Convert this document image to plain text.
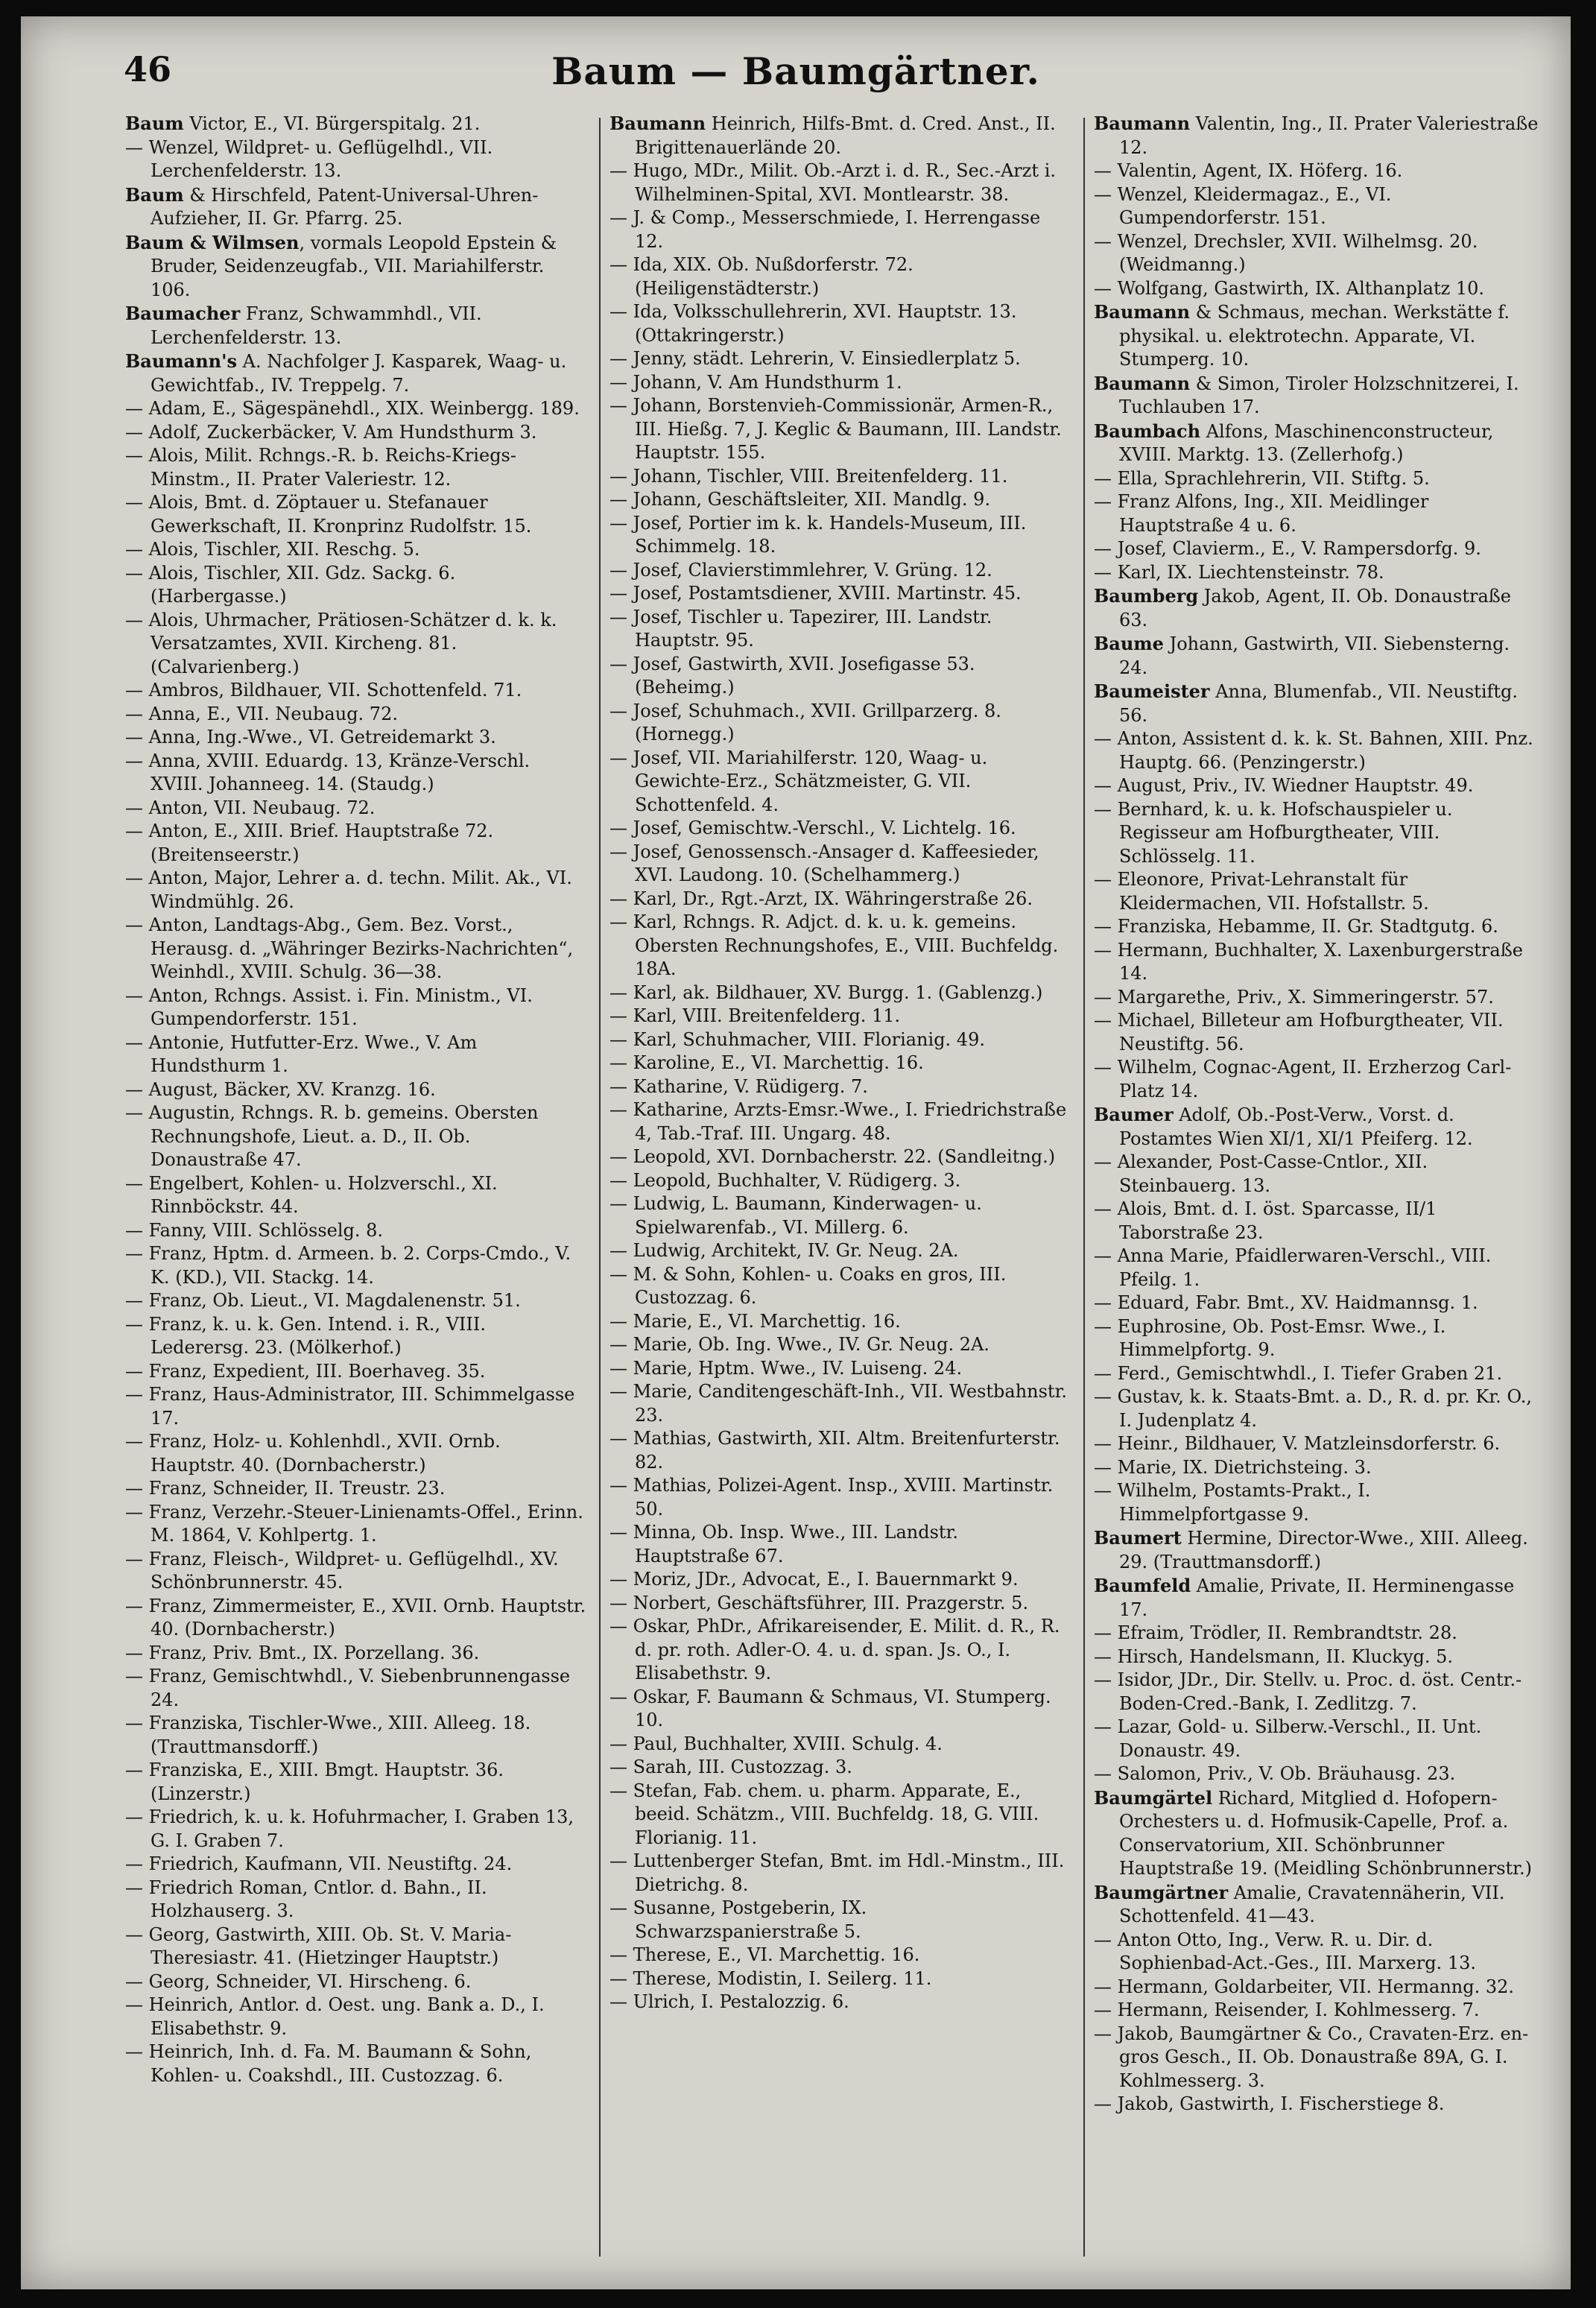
46	Baum — Baumgärtner.

Baum Victor, E., VI. Bürgerspitalg. 21.

— Wenzel, Wildpret- u. Geflügelhdl., VII. Lerchenfelderstr. 13.

Baum & Hirschfeld, Patent-Universal-Uhren-Aufzieher, II. Gr. Pfarrg. 25.

Baum & Wilmsen, vormals Leopold Epstein & Bruder, Seidenzeugfab., VII. Mariahilferstr. 106.

Baumacher Franz, Schwammhdl., VII. Lerchenfelderstr. 13.

Baumann's A. Nachfolger J. Kasparek, Waag- u. Gewichtfab., IV. Treppelg. 7.

— Adam, E., Sägespänehdl., XIX. Weinbergg. 189.

— Adolf, Zuckerbäcker, V. Am Hundsthurm 3.

— Alois, Milit. Rchngs.-R. b. Reichs-Kriegs-Minstm., II. Prater Valeriestr. 12.

— Alois, Bmt. d. Zöptauer u. Stefanauer Gewerkschaft, II. Kronprinz Rudolfstr. 15.

— Alois, Tischler, XII. Reschg. 5.

— Alois, Tischler, XII. Gdz. Sackg. 6. (Harbergasse.)

— Alois, Uhrmacher, Prätiosen-Schätzer d. k. k. Versatzamtes, XVII. Kircheng. 81. (Calvarienberg.)

— Ambros, Bildhauer, VII. Schottenfeld. 71.

— Anna, E., VII. Neubaug. 72.

— Anna, Ing.-Wwe., VI. Getreidemarkt 3.

— Anna, XVIII. Eduardg. 13, Kränze-Verschl. XVIII. Johanneeg. 14. (Staudg.)

— Anton, VII. Neubaug. 72.

— Anton, E., XIII. Brief. Hauptstraße 72. (Breitenseerstr.)

— Anton, Major, Lehrer a. d. techn. Milit. Ak., VI. Windmühlg. 26.

— Anton, Landtags-Abg., Gem. Bez. Vorst., Herausg. d. „Währinger Bezirks-Nachrichten“, Weinhdl., XVIII. Schulg. 36—38.

— Anton, Rchngs. Assist. i. Fin. Ministm., VI. Gumpendorferstr. 151.

— Antonie, Hutfutter-Erz. Wwe., V. Am Hundsthurm 1.

— August, Bäcker, XV. Kranzg. 16.

— Augustin, Rchngs. R. b. gemeins. Obersten Rechnungshofe, Lieut. a. D., II. Ob. Donaustraße 47.

— Engelbert, Kohlen- u. Holzverschl., XI. Rinnböckstr. 44.

— Fanny, VIII. Schlösselg. 8.

— Franz, Hptm. d. Armeen. b. 2. Corps-Cmdo., V. K. (KD.), VII. Stackg. 14.

— Franz, Ob. Lieut., VI. Magdalenenstr. 51.

— Franz, k. u. k. Gen. Intend. i. R., VIII. Lederersg. 23. (Mölkerhof.)

— Franz, Expedient, III. Boerhaveg. 35.

— Franz, Haus-Administrator, III. Schimmelgasse 17.

— Franz, Holz- u. Kohlenhdl., XVII. Ornb. Hauptstr. 40. (Dornbacherstr.)

— Franz, Schneider, II. Treustr. 23.

— Franz, Verzehr.-Steuer-Linienamts-Offel., Erinn. M. 1864, V. Kohlpertg. 1.

— Franz, Fleisch-, Wildpret- u. Geflügelhdl., XV. Schönbrunnerstr. 45.

— Franz, Zimmermeister, E., XVII. Ornb. Hauptstr. 40. (Dornbacherstr.)

— Franz, Priv. Bmt., IX. Porzellang. 36.

— Franz, Gemischtwhdl., V. Siebenbrunnengasse 24.

— Franziska, Tischler-Wwe., XIII. Alleeg. 18. (Trauttmansdorff.)

— Franziska, E., XIII. Bmgt. Hauptstr. 36. (Linzerstr.)

— Friedrich, k. u. k. Hofuhrmacher, I. Graben 13, G. I. Graben 7.

— Friedrich, Kaufmann, VII. Neustiftg. 24.

— Friedrich Roman, Cntlor. d. Bahn., II. Holzhauserg. 3.

— Georg, Gastwirth, XIII. Ob. St. V. Maria-Theresiastr. 41. (Hietzinger Hauptstr.)

— Georg, Schneider, VI. Hirscheng. 6.

— Heinrich, Antlor. d. Oest. ung. Bank a. D., I. Elisabethstr. 9.

— Heinrich, Inh. d. Fa. M. Baumann & Sohn, Kohlen- u. Coakshdl., III. Custozzag. 6.

Baumann Heinrich, Hilfs-Bmt. d. Cred. Anst., II. Brigittenauerlände 20.

— Hugo, MDr., Milit. Ob.-Arzt i. d. R., Sec.-Arzt i. Wilhelminen-Spital, XVI. Montlearstr. 38.

— J. & Comp., Messerschmiede, I. Herrengasse 12.

— Ida, XIX. Ob. Nußdorferstr. 72. (Heiligenstädterstr.)

— Ida, Volksschullehrerin, XVI. Hauptstr. 13. (Ottakringerstr.)

— Jenny, städt. Lehrerin, V. Einsiedlerplatz 5.

— Johann, V. Am Hundsthurm 1.

— Johann, Borstenvieh-Commissionär, Armen-R., III. Hießg. 7, J. Keglic & Baumann, III. Landstr. Hauptstr. 155.

— Johann, Tischler, VIII. Breitenfelderg. 11.

— Johann, Geschäftsleiter, XII. Mandlg. 9.

— Josef, Portier im k. k. Handels-Museum, III. Schimmelg. 18.

— Josef, Clavierstimmlehrer, V. Grüng. 12.

— Josef, Postamtsdiener, XVIII. Martinstr. 45.

— Josef, Tischler u. Tapezirer, III. Landstr. Hauptstr. 95.

— Josef, Gastwirth, XVII. Josefigasse 53. (Beheimg.)

— Josef, Schuhmach., XVII. Grillparzerg. 8. (Hornegg.)

— Josef, VII. Mariahilferstr. 120, Waag- u. Gewichte-Erz., Schätzmeister, G. VII. Schottenfeld. 4.

— Josef, Gemischtw.-Verschl., V. Lichtelg. 16.

— Josef, Genossensch.-Ansager d. Kaffeesieder, XVI. Laudong. 10. (Schelhammerg.)

— Karl, Dr., Rgt.-Arzt, IX. Währingerstraße 26.

— Karl, Rchngs. R. Adjct. d. k. u. k. gemeins. Obersten Rechnungshofes, E., VIII. Buchfeldg. 18A.

— Karl, ak. Bildhauer, XV. Burgg. 1. (Gablenzg.)

— Karl, VIII. Breitenfelderg. 11.

— Karl, Schuhmacher, VIII. Florianig. 49.

— Karoline, E., VI. Marchettig. 16.

— Katharine, V. Rüdigerg. 7.

— Katharine, Arzts-Emsr.-Wwe., I. Friedrichstraße 4, Tab.-Traf. III. Ungarg. 48.

— Leopold, XVI. Dornbacherstr. 22. (Sandleitng.)

— Leopold, Buchhalter, V. Rüdigerg. 3.

— Ludwig, L. Baumann, Kinderwagen- u. Spielwarenfab., VI. Millerg. 6.

— Ludwig, Architekt, IV. Gr. Neug. 2A.

— M. & Sohn, Kohlen- u. Coaks en gros, III. Custozzag. 6.

— Marie, E., VI. Marchettig. 16.

— Marie, Ob. Ing. Wwe., IV. Gr. Neug. 2A.

— Marie, Hptm. Wwe., IV. Luiseng. 24.

— Marie, Canditengeschäft-Inh., VII. Westbahnstr. 23.

— Mathias, Gastwirth, XII. Altm. Breitenfurterstr. 82.

— Mathias, Polizei-Agent. Insp., XVIII. Martinstr. 50.

— Minna, Ob. Insp. Wwe., III. Landstr. Hauptstraße 67.

— Moriz, JDr., Advocat, E., I. Bauernmarkt 9.

— Norbert, Geschäftsführer, III. Prazgerstr. 5.

— Oskar, PhDr., Afrikareisender, E. Milit. d. R., R. d. pr. roth. Adler-O. 4. u. d. span. Js. O., I. Elisabethstr. 9.

— Oskar, F. Baumann & Schmaus, VI. Stumperg. 10.

— Paul, Buchhalter, XVIII. Schulg. 4.

— Sarah, III. Custozzag. 3.

— Stefan, Fab. chem. u. pharm. Apparate, E., beeid. Schätzm., VIII. Buchfeldg. 18, G. VIII. Florianig. 11.

— Luttenberger Stefan, Bmt. im Hdl.-Minstm., III. Dietrichg. 8.

— Susanne, Postgeberin, IX. Schwarzspanierstraße 5.

— Therese, E., VI. Marchettig. 16.

— Therese, Modistin, I. Seilerg. 11.

— Ulrich, I. Pestalozzig. 6.

Baumann Valentin, Ing., II. Prater Valeriestraße 12.

— Valentin, Agent, IX. Höferg. 16.

— Wenzel, Kleidermagaz., E., VI. Gumpendorferstr. 151.

— Wenzel, Drechsler, XVII. Wilhelmsg. 20. (Weidmanng.)

— Wolfgang, Gastwirth, IX. Althanplatz 10.

Baumann & Schmaus, mechan. Werkstätte f. physikal. u. elektrotechn. Apparate, VI. Stumperg. 10.

Baumann & Simon, Tiroler Holzschnitzerei, I. Tuchlauben 17.

Baumbach Alfons, Maschinenconstructeur, XVIII. Marktg. 13. (Zellerhofg.)

— Ella, Sprachlehrerin, VII. Stiftg. 5.

— Franz Alfons, Ing., XII. Meidlinger Hauptstraße 4 u. 6.

— Josef, Clavierm., E., V. Rampersdorfg. 9.

— Karl, IX. Liechtensteinstr. 78.

Baumberg Jakob, Agent, II. Ob. Donaustraße 63.

Baume Johann, Gastwirth, VII. Siebensterng. 24.

Baumeister Anna, Blumenfab., VII. Neustiftg. 56.

— Anton, Assistent d. k. k. St. Bahnen, XIII. Pnz. Hauptg. 66. (Penzingerstr.)

— August, Priv., IV. Wiedner Hauptstr. 49.

— Bernhard, k. u. k. Hofschauspieler u. Regisseur am Hofburgtheater, VIII. Schlösselg. 11.

— Eleonore, Privat-Lehranstalt für Kleidermachen, VII. Hofstallstr. 5.

— Franziska, Hebamme, II. Gr. Stadtgutg. 6.

— Hermann, Buchhalter, X. Laxenburgerstraße 14.

— Margarethe, Priv., X. Simmeringerstr. 57.

— Michael, Billeteur am Hofburgtheater, VII. Neustiftg. 56.

— Wilhelm, Cognac-Agent, II. Erzherzog Carl-Platz 14.

Baumer Adolf, Ob.-Post-Verw., Vorst. d. Postamtes Wien XI/1, XI/1 Pfeiferg. 12.

— Alexander, Post-Casse-Cntlor., XII. Steinbauerg. 13.

— Alois, Bmt. d. I. öst. Sparcasse, II/1 Taborstraße 23.

— Anna Marie, Pfaidlerwaren-Verschl., VIII. Pfeilg. 1.

— Eduard, Fabr. Bmt., XV. Haidmannsg. 1.

— Euphrosine, Ob. Post-Emsr. Wwe., I. Himmelpfortg. 9.

— Ferd., Gemischtwhdl., I. Tiefer Graben 21.

— Gustav, k. k. Staats-Bmt. a. D., R. d. pr. Kr. O., I. Judenplatz 4.

— Heinr., Bildhauer, V. Matzleinsdorferstr. 6.

— Marie, IX. Dietrichsteing. 3.

— Wilhelm, Postamts-Prakt., I. Himmelpfortgasse 9.

Baumert Hermine, Director-Wwe., XIII. Alleeg. 29. (Trauttmansdorff.)

Baumfeld Amalie, Private, II. Herminengasse 17.

— Efraim, Trödler, II. Rembrandtstr. 28.

— Hirsch, Handelsmann, II. Kluckyg. 5.

— Isidor, JDr., Dir. Stellv. u. Proc. d. öst. Centr.-Boden-Cred.-Bank, I. Zedlitzg. 7.

— Lazar, Gold- u. Silberw.-Verschl., II. Unt. Donaustr. 49.

— Salomon, Priv., V. Ob. Bräuhausg. 23.

Baumgärtel Richard, Mitglied d. Hofopern-Orchesters u. d. Hofmusik-Capelle, Prof. a. Conservatorium, XII. Schönbrunner Hauptstraße 19. (Meidling Schönbrunnerstr.)

Baumgärtner Amalie, Cravatennäherin, VII. Schottenfeld. 41—43.

— Anton Otto, Ing., Verw. R. u. Dir. d. Sophienbad-Act.-Ges., III. Marxerg. 13.

— Hermann, Goldarbeiter, VII. Hermanng. 32.

— Hermann, Reisender, I. Kohlmesserg. 7.

— Jakob, Baumgärtner & Co., Cravaten-Erz. en-gros Gesch., II. Ob. Donaustraße 89A, G. I. Kohlmesserg. 3.

— Jakob, Gastwirth, I. Fischerstiege 8.
